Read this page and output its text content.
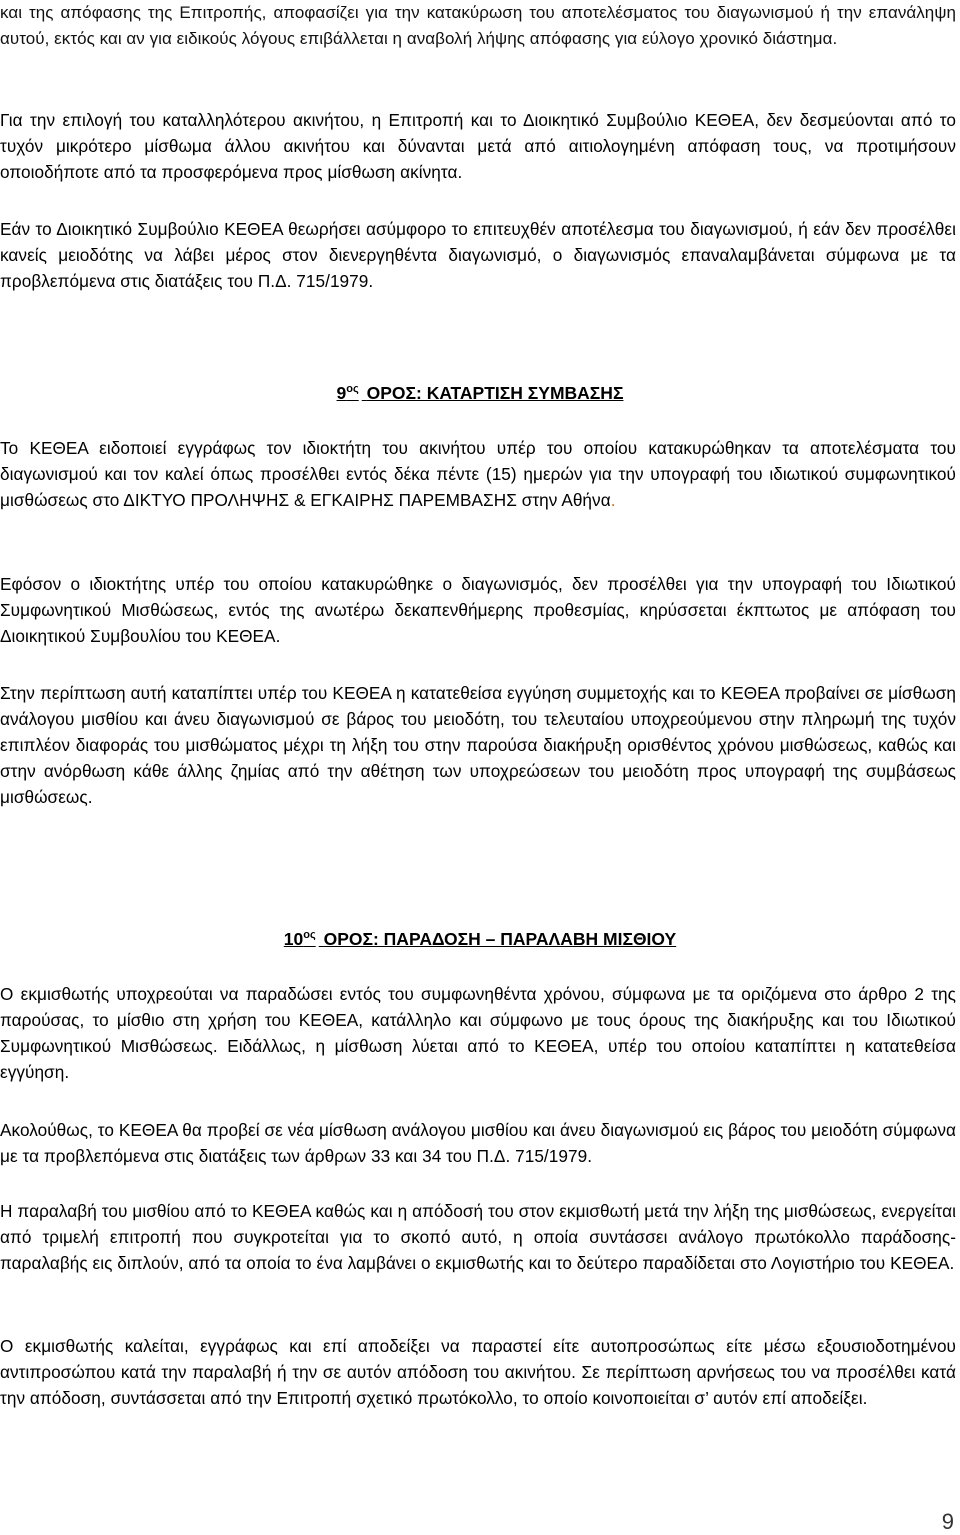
και της απόφασης της Επιτροπής, αποφασίζει για την κατακύρωση του αποτελέσματος του διαγωνισμού ή την επανάληψη αυτού, εκτός και αν για ειδικούς λόγους επιβάλλεται η αναβολή λήψης απόφασης για εύλογο χρονικό διάστημα.

Για την επιλογή του καταλληλότερου ακινήτου, η Επιτροπή και το Διοικητικό Συμβούλιο ΚΕΘΕΑ, δεν δεσμεύονται από το τυχόν μικρότερο μίσθωμα άλλου ακινήτου και δύνανται μετά από αιτιολογημένη απόφαση τους, να προτιμήσουν οποιοδήποτε από τα προσφερόμενα προς μίσθωση ακίνητα.

Εάν το Διοικητικό Συμβούλιο ΚΕΘΕΑ θεωρήσει ασύμφορο το επιτευχθέν αποτέλεσμα του διαγωνισμού, ή εάν δεν προσέλθει κανείς μειοδότης να λάβει μέρος στον διενεργηθέντα διαγωνισμό, ο διαγωνισμός επαναλαμβάνεται σύμφωνα με τα προβλεπόμενα στις διατάξεις του Π.Δ. 715/1979.

$9^{o\varsigma}$ ΟΡΟΣ: ΚΑΤΑΡΤΙΣΗ ΣΥΜΒΑΣΗΣ

Το ΚΕΘΕΑ ειδοποιεί εγγράφως τον ιδιοκτήτη του ακινήτου υπέρ του οποίου κατακυρώθηκαν τα αποτελέσματα του διαγωνισμού και τον καλεί όπως προσέλθει εντός δέκα πέντε (15) ημερών για την υπογραφή του ιδιωτικού συμφωνητικού μισθώσεως στο ΔΙΚΤΥΟ ΠΡΟΛΗΨΗΣ & ΕΓΚΑΙΡΗΣ ΠΑΡΕΜΒΑΣΗΣ στην Αθήνα.

Εφόσον ο ιδιοκτήτης υπέρ του οποίου κατακυρώθηκε ο διαγωνισμός, δεν προσέλθει για την υπογραφή του Ιδιωτικού Συμφωνητικού Μισθώσεως, εντός της ανωτέρω δεκαπενθήμερης προθεσμίας, κηρύσσεται έκπτωτος με απόφαση του Διοικητικού Συμβουλίου του ΚΕΘΕΑ.

Στην περίπτωση αυτή καταπίπτει υπέρ του ΚΕΘΕΑ η κατατεθείσα εγγύηση συμμετοχής και το ΚΕΘΕΑ προβαίνει σε μίσθωση ανάλογου μισθίου και άνευ διαγωνισμού σε βάρος του μειοδότη, του τελευταίου υποχρεούμενου στην πληρωμή της τυχόν επιπλέον διαφοράς του μισθώματος μέχρι τη λήξη του στην παρούσα διακήρυξη ορισθέντος χρόνου μισθώσεως, καθώς και στην ανόρθωση κάθε άλλης ζημίας από την αθέτηση των υποχρεώσεων του μειοδότη προς υπογραφή της συμβάσεως μισθώσεως.

$10^{o\varsigma}$ ΟΡΟΣ: ΠΑΡΑΔΟΣΗ – ΠΑΡΑΛΑΒΗ ΜΙΣΘΙΟΥ

Ο εκμισθωτής υποχρεούται να παραδώσει εντός του συμφωνηθέντα χρόνου, σύμφωνα με τα οριζόμενα στο άρθρο 2 της παρούσας, το μίσθιο στη χρήση του ΚΕΘΕΑ, κατάλληλο και σύμφωνο με τους όρους της διακήρυξης και του Ιδιωτικού Συμφωνητικού Μισθώσεως. Ειδάλλως, η μίσθωση λύεται από το ΚΕΘΕΑ, υπέρ του οποίου καταπίπτει η κατατεθείσα εγγύηση.

Ακολούθως, το ΚΕΘΕΑ θα προβεί σε νέα μίσθωση ανάλογου μισθίου και άνευ διαγωνισμού εις βάρος του μειοδότη σύμφωνα με τα προβλεπόμενα στις διατάξεις των άρθρων 33 και 34 του Π.Δ. 715/1979.

Η παραλαβή του μισθίου από το ΚΕΘΕΑ καθώς και η απόδοσή του στον εκμισθωτή μετά την λήξη της μισθώσεως, ενεργείται από τριμελή επιτροπή που συγκροτείται για το σκοπό αυτό, η οποία συντάσσει ανάλογο πρωτόκολλο παράδοσης-παραλαβής εις διπλούν, από τα οποία το ένα λαμβάνει ο εκμισθωτής και το δεύτερο παραδίδεται στο Λογιστήριο του ΚΕΘΕΑ.

Ο εκμισθωτής καλείται, εγγράφως και επί αποδείξει να παραστεί είτε αυτοπροσώπως είτε μέσω εξουσιοδοτημένου αντιπροσώπου κατά την παραλαβή ή την σε αυτόν απόδοση του ακινήτου. Σε περίπτωση αρνήσεως του να προσέλθει κατά την απόδοση, συντάσσεται από την Επιτροπή σχετικό πρωτόκολλο, το οποίο κοινοποιείται σ’ αυτόν επί αποδείξει.

9
